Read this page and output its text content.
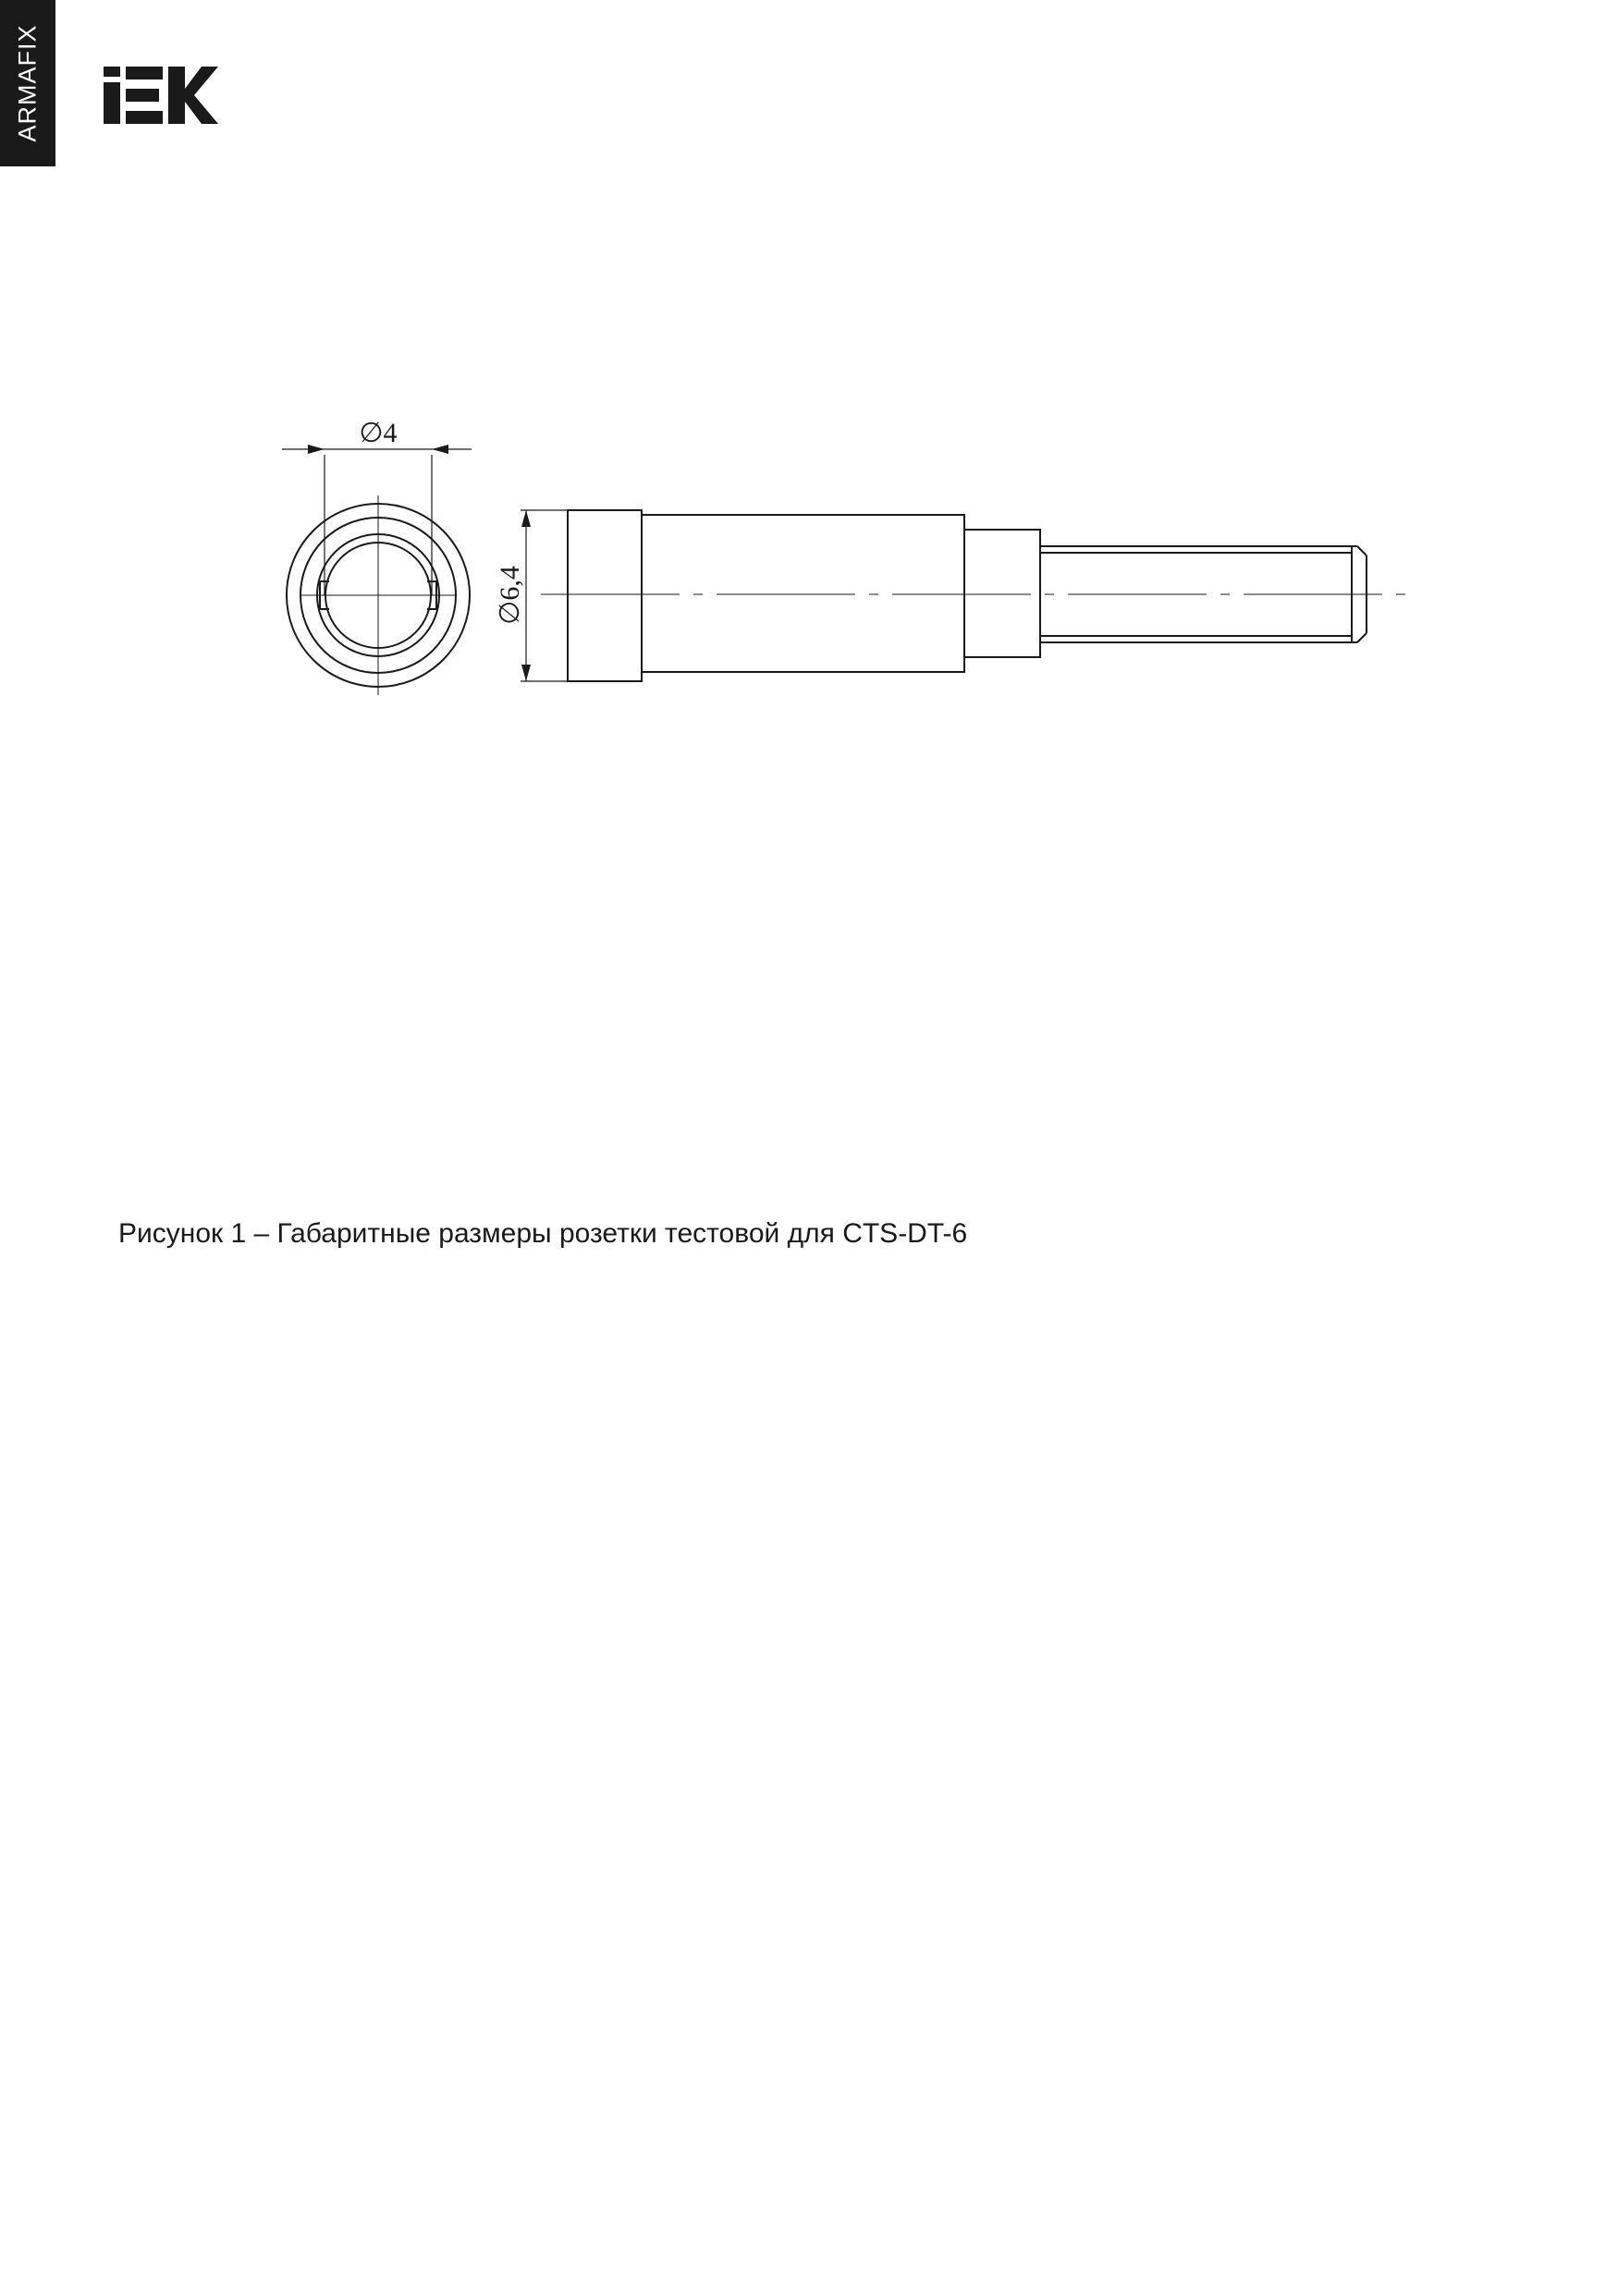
ARMAFIX
∅4
∅6,4
Рисунок 1 – Габаритные размеры розетки тестовой для CTS-DT-6
